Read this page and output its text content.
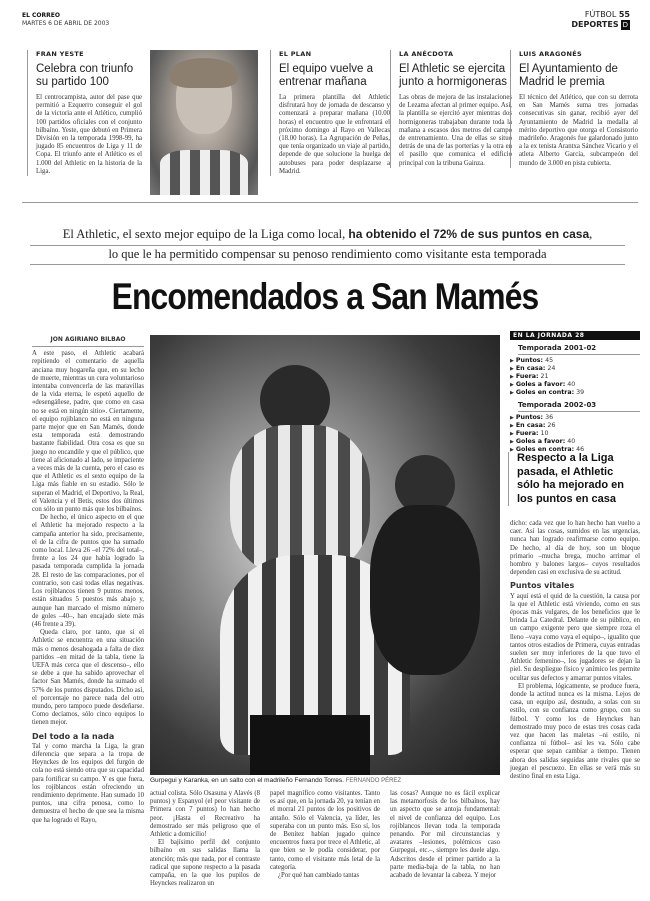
EL CORREO
MARTES 6 DE ABRIL DE 2003
FÚTBOL 55
DEPORTES D
FRAN YESTE
Celebra con triunfo su partido 100
El centrocampista, autor del pase que permitió a Ezquerro conseguir el gol de la victoria ante el Atlético, cumplió 100 partidos oficiales con el conjunto bilbaíno. Yeste, que debutó en Primera División en la temporada 1998-99, ha jugado 85 encuentros de Liga y 11 de Copa. El triunfo ante el Atlético es el 1.000 del Athletic en la historia de la Liga.
EL PLAN
El equipo vuelve a entrenar mañana
La primera plantilla del Athletic disfrutará hoy de jornada de descanso y comenzará a preparar mañana (10.00 horas) el encuentro que le enfrentará el próximo domingo al Rayo en Vallecas (18.00 horas). La Agrupación de Peñas, que tenía organizado un viaje al partido, depende de que solucione la huelga de autobuses para poder desplazarse a Madrid.
LA ANÉCDOTA
El Athletic se ejercita junto a hormigoneras
Las obras de mejora de las instalaciones de Lezama afectan al primer equipo. Así, la plantilla se ejercitó ayer mientras dos hormigoneras trabajaban durante toda la mañana a escasos dos metros del campo de entrenamiento. Una de ellas se situó detrás de una de las porterías y la otra en el pasillo que comunica el edificio principal con la tribuna Gainza.
LUIS ARAGONÉS
El Ayuntamiento de Madrid le premia
El técnico del Atlético, que con su derrota en San Mamés suma tres jornadas consecutivas sin ganar, recibió ayer del Ayuntamiento de Madrid la medalla al mérito deportivo que otorga el Consistorio madrileño. Aragonés fue galardonado junto a la ex tenista Arantxa Sánchez Vicario y el atleta Alberto García, subcampeón del mundo de 3.000 en pista cubierta.
El Athletic, el sexto mejor equipo de la Liga como local, ha obtenido el 72% de sus puntos en casa,
lo que le ha permitido compensar su penoso rendimiento como visitante esta temporada
Encomendados a San Mamés
JON AGIRIANO BILBAO

A este paso, el Athletic acabará repitiendo el comentario de aquella anciana muy hogareña que, en su lecho de muerte, mientras un cura voluntarioso intentaba convencerla de las maravillas de la vida eterna, le espetó aquello de «desengáñese, padre, que como en casa no se está en ningún sitio». Ciertamente, el equipo rojiblanco no está en ninguna parte mejor que en San Mamés, donde esta temporada está demostrando bastante fiabilidad. Otra cosa es que su juego no encandile y que el público, que tiene al aficionado al lado, se impaciente a veces más de la cuenta, pero el caso es que el Athletic es el sexto equipo de la Liga más fiable en su estadio. Sólo le superan el Madrid, el Deportivo, la Real, el Valencia y el Betis, estos dos últimos con sólo un punto más que los bilbaínos.

De hecho, el único aspecto en el que el Athletic ha mejorado respecto a la campaña anterior ha sido, precisamente, el de la cifra de puntos que ha sumado como local. Lleva 26 –el 72% del total–, frente a los 24 que había logrado la pasada temporada cumplida la jornada 28. El resto de las comparaciones, por el contrario, son casi todas ellas negativas. Los rojiblancos tienen 9 puntos menos, están situados 5 puestos más abajo y, aunque han marcado el mismo número de goles –40–, han encajado siete más (46 frente a 39).

Queda claro, por tanto, que si el Athletic se encuentra en una situación más o menos desahogada a falta de diez partidos –en mitad de la tabla, tiene la UEFA más cerca que el descenso–, ello se debe a que ha sabido aprovechar el factor San Mamés, donde ha sumado el 57% de los puntos disputados. Dicho así, el porcentaje no parece nada del otro mundo, pero tampoco puede desdeñarse. Como decíamos, sólo cinco equipos lo tienen mejor.

Del todo a la nada

Tal y como marcha la Liga, la gran diferencia que separa a la tropa de Heynckes de los equipos del furgón de cola no está siendo otra que su capacidad para fortificar su campo. Y es que fuera, los rojiblancos están ofreciendo un rendimiento deprimente. Han sumado 10 puntos, una cifra penosa, como lo demuestra el hecho de que sea la misma que ha logrado el Rayo,

Gurpegui y Karanka, en un salto con el madrileño Fernando Torres. FERNANDO PÉREZ

actual colista. Sólo Osasuna y Alavés (8 puntos) y Espanyol (el peor visitante de Primera con 7 puntos) lo han hecho peor. ¡Hasta el Recreativo ha demostrado ser más peligroso que el Athletic a domicilio!

El bajísimo perfil del conjunto bilbaíno en sus salidas llama la atención; más que nada, por el contraste radical que supone respecto a la pasada campaña, en la que los pupilos de Heynckes realizaron un

papel magnífico como visitantes. Tanto es así que, en la jornada 20, ya tenían en el morral 21 puntos de los positivos de antaño. Sólo el Valencia, ya líder, les superaba con un punto más. Eso sí, los de Benítez habían jugado quince encuentros fuera por trece el Athletic, al que bien se le podía considerar, por tanto, como el visitante más letal de la categoría.

¿Por qué han cambiado tantas

las cosas? Aunque no es fácil explicar las metamorfosis de los bilbaínos, hay un aspecto que se antoja fundamental: el nivel de confianza del equipo. Los rojiblancos llevan toda la temporada penando. Por mil circunstancias y avatares –lesiones, polémicos caso Gurpegui, etc.–, siempre les duele algo. Adscritos desde el primer partido a la parte media-baja de la tabla, no han acabado de levantar la cabeza. Y mejor

EN LA JORNADA 28
Temporada 2001-02
▶ Puntos: 45
▶ En casa: 24
▶ Fuera: 21
▶ Goles a favor: 40
▶ Goles en contra: 39
Temporada 2002-03
▶ Puntos: 36
▶ En casa: 26
▶ Fuera: 10
▶ Goles a favor: 40
▶ Goles en contra: 46
Respecto a la Liga pasada, el Athletic sólo ha mejorado en los puntos en casa

dicho: cada vez que lo han hecho han vuelto a caer. Así las cosas, sumidos en las urgencias, nunca han logrado reafirmarse como equipo. De hecho, al día de hoy, son un bloque primario –mucha brega, mucho arrimar el hombro y balones largos– cuyos resultados dependen casi en exclusiva de su actitud.

Puntos vitales

Y aquí está el quid de la cuestión, la causa por la que el Athletic está viviendo, como en sus épocas más vulgares, de los beneficios que le brinda La Catedral. Delante de su público, en un campo exigente pero que siempre roza el lleno –vaya como vaya el equipo–, igualito que tantos otros estadios de Primera, cuyas entradas suelen ser muy inferiores de la que tuvo el Athletic femenino–, los jugadores se dejan la piel. Su despliegue físico y anímico les permite ocultar sus defectos y amarrar puntos vitales.

El problema, lógicamente, se produce fuera, donde la actitud nunca es la misma. Lejos de casa, un equipo así, desnudo, a solas con su estilo, con su confianza como grupo, con su fútbol. Y como los de Heynckes han demostrado muy poco de estas tres cosas cada vez que hacen las maletas –ni estilo, ni confianza ni fútbol– así les va. Sólo cabe esperar que sepan cambiar a tiempo. Tienen ahora dos salidas seguidas ante rivales que se juegan el pescuezo. En ellas se verá más su destino final en esta Liga.
